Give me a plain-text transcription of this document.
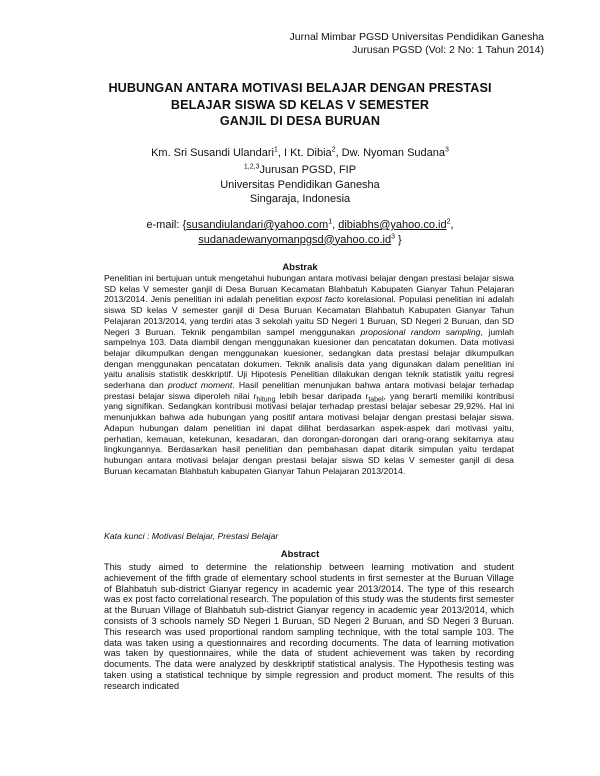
Jurnal Mimbar PGSD Universitas Pendidikan Ganesha
Jurusan PGSD (Vol: 2 No: 1 Tahun 2014)
HUBUNGAN ANTARA MOTIVASI BELAJAR DENGAN PRESTASI
BELAJAR SISWA SD KELAS V SEMESTER
GANJIL DI DESA BURUAN
Km. Sri Susandi Ulandari$^1$, I Kt. Dibia$^2$, Dw. Nyoman Sudana$^3$
$^{1,2,3}$Jurusan PGSD, FIP
Universitas Pendidikan Ganesha
Singaraja, Indonesia
e-mail: {susandiulandari@yahoo.com$^1$, $dibiabhs@yahoo.co.id^2$,
$sudanadewanyomanpgsd@yahoo.co.id^3$ }
Abstrak

Penelitian ini bertujuan untuk mengetahui hubungan antara motivasi belajar dengan prestasi belajar siswa SD kelas V semester ganjil di Desa Buruan Kecamatan Blahbatuh Kabupaten Gianyar Tahun Pelajaran 2013/2014. Jenis penelitian ini adalah penelitian expost facto korelasional. Populasi penelitian ini adalah siswa SD kelas V semester ganjil di Desa Buruan Kecamatan Blahbatuh Kabupaten Gianyar Tahun Pelajaran 2013/2014, yang terdiri atas 3 sekolah yaitu SD Negeri 1 Buruan, SD Negeri 2 Buruan, dan SD Negeri 3 Buruan. Teknik pengambilan sampel menggunakan proposional random sampling, jumlah sampelnya 103. Data diambil dengan menggunakan kuesioner dan pencatatan dokumen. Data motivasi belajar dikumpulkan dengan menggunakan kuesioner, sedangkan data prestasi belajar dikumpulkan dengan menggunakan pencatatan dokumen. Teknik analisis data yang digunakan dalam penelitian ini yaitu analisis statistik deskkriptif. Uji Hipotesis Penelitian dilakukan dengan teknik statistik yaitu regresi sederhana dan product moment. Hasil penelitian menunjukan bahwa antara motivasi belajar terhadap prestasi belajar siswa diperoleh nilai $r_{hitung}$ lebih besar daripada $r_{tabel}$, yang berarti memiliki kontribusi yang signifikan. Sedangkan kontribusi motivasi belajar terhadap prestasi belajar sebesar 29,92%. Hal ini menunjukkan bahwa ada hubungan yang positif antara motivasi belajar dengan prestasi belajar siswa. Adapun hubungan dalam penelitian ini dapat dilihat berdasarkan aspek-aspek dari motivasi yaitu, perhatian, kemauan, ketekunan, kesadaran, dan dorongan-dorongan dari orang-orang sekitarnya atau lingkungannya. Berdasarkan hasil penelitian dan pembahasan dapat ditarik simpulan yaitu terdapat hubungan antara motivasi belajar dengan prestasi belajar siswa SD kelas V semester ganjil di desa Buruan kecamatan Blahbatuh kabupaten Gianyar Tahun Pelajaran 2013/2014.

Kata kunci : Motivasi Belajar, Prestasi Belajar
Abstract

This study aimed to determine the relationship between learning motivation and student achievement of the fifth grade of elementary school students in first semester at the Buruan Village of Blahbatuh sub-district Gianyar regency in academic year 2013/2014. The type of this research was ex post facto correlational research. The population of this study was the students first semester at the Buruan Village of Blahbatuh sub-district Gianyar regency in academic year 2013/2014, which consists of 3 schools namely SD Negeri 1 Buruan, SD Negeri 2 Buruan, and SD Negeri 3 Buruan. This research was used proportional random sampling technique, with the total sample 103. The data was taken using a questionnaires and recording documents. The data of learning motivation was taken by questionnaires, while the data of student achievement was taken by recording documents. The data were analyzed by deskkriptif statistical analysis. The Hypothesis testing was taken using a statistical technique by simple regression and product moment. The results of this research indicated
